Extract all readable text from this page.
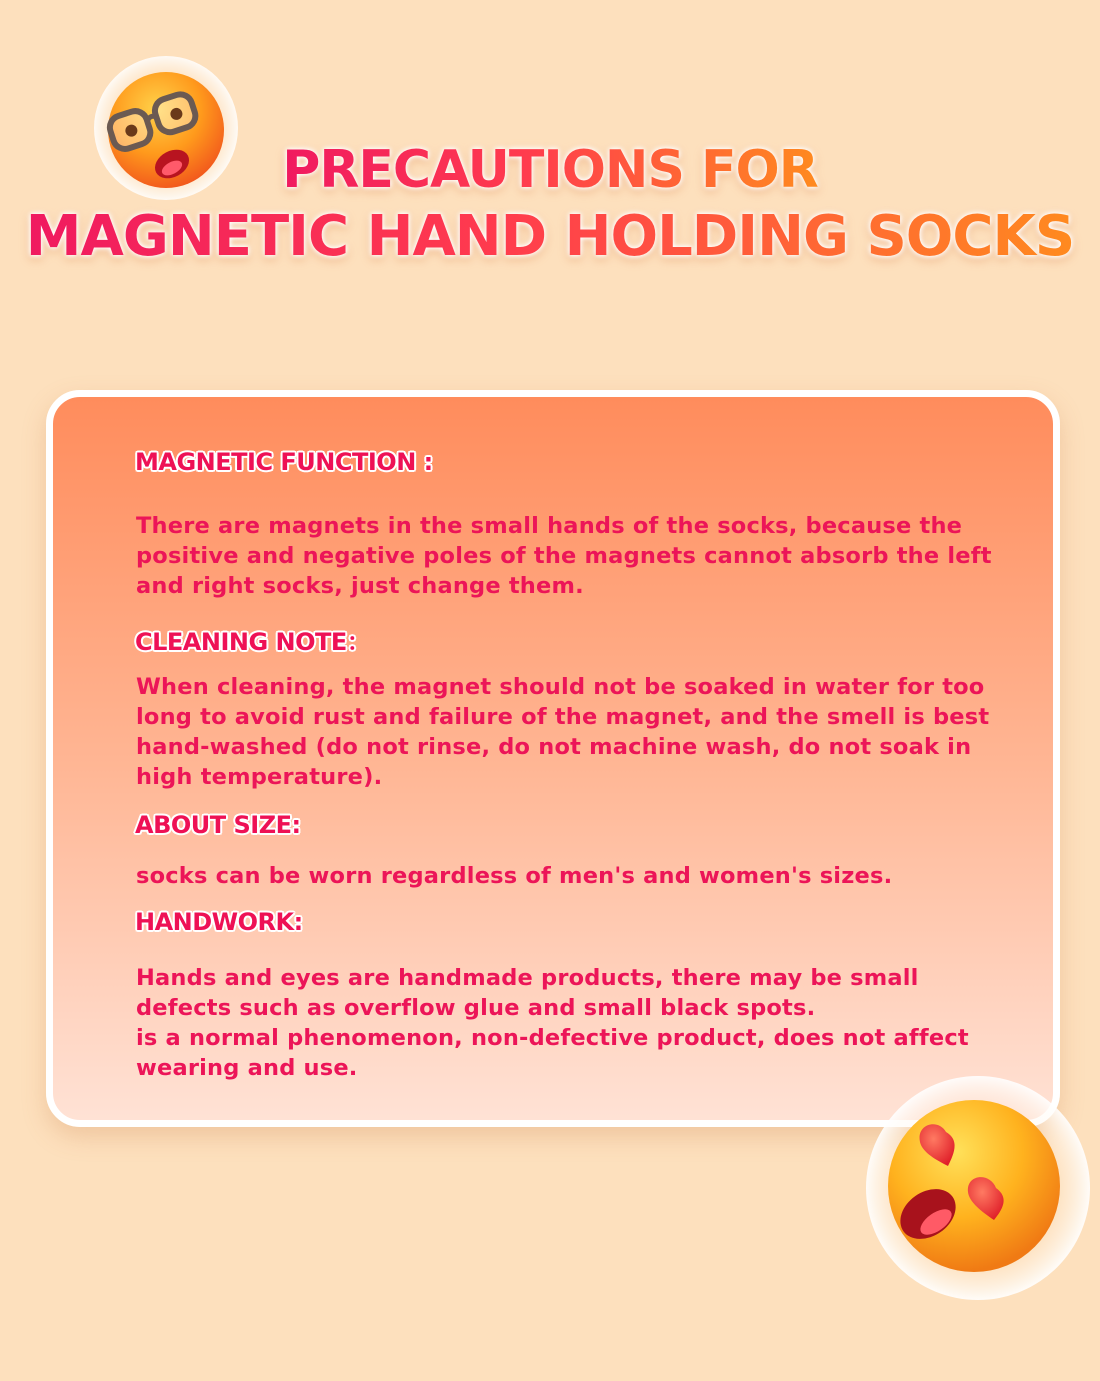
PRECAUTIONS FOR
MAGNETIC HAND HOLDING SOCKS
MAGNETIC FUNCTION :

There are magnets in the small hands of the socks, because the positive and negative poles of the magnets cannot absorb the left and right socks, just change them.

CLEANING NOTE：

When cleaning, the magnet should not be soaked in water for too long to avoid rust and failure of the magnet, and the smell is best hand-washed (do not rinse, do not machine wash, do not soak in high temperature).

ABOUT SIZE:

socks can be worn regardless of men's and women's sizes.

HANDWORK:

Hands and eyes are handmade products, there may be small defects such as overflow glue and small black spots.

is a normal phenomenon, non-defective product, does not affect wearing and use.
